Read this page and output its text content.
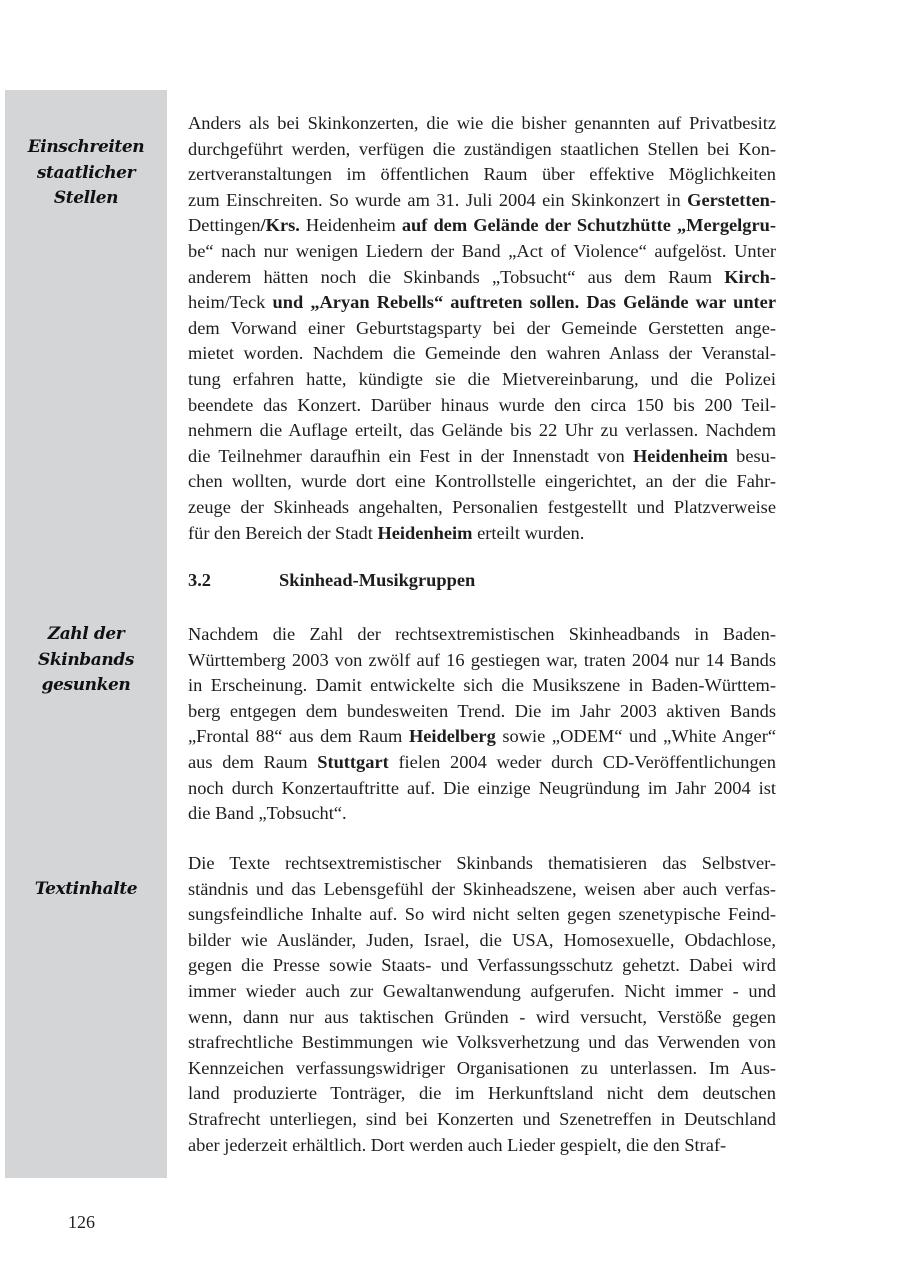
Einschreiten
staatlicher
Stellen
Zahl der
Skinbands
gesunken
Textinhalte
Anders als bei Skinkonzerten, die wie die bisher genannten auf Privatbesitz
durchgeführt werden, verfügen die zuständigen staatlichen Stellen bei Kon-
zertveranstaltungen im öffentlichen Raum über effektive Möglichkeiten
zum Einschreiten. So wurde am 31. Juli 2004 ein Skinkonzert in Gerstetten-
Dettingen/Krs. Heidenheim auf dem Gelände der Schutzhütte „Mergelgru-
be“ nach nur wenigen Liedern der Band „Act of Violence“ aufgelöst. Unter
anderem hätten noch die Skinbands „Tobsucht“ aus dem Raum Kirch-
heim/Teck und „Aryan Rebells“ auftreten sollen. Das Gelände war unter
dem Vorwand einer Geburtstagsparty bei der Gemeinde Gerstetten ange-
mietet worden. Nachdem die Gemeinde den wahren Anlass der Veranstal-
tung erfahren hatte, kündigte sie die Mietvereinbarung, und die Polizei
beendete das Konzert. Darüber hinaus wurde den circa 150 bis 200 Teil-
nehmern die Auflage erteilt, das Gelände bis 22 Uhr zu verlassen. Nachdem
die Teilnehmer daraufhin ein Fest in der Innenstadt von Heidenheim besu-
chen wollten, wurde dort eine Kontrollstelle eingerichtet, an der die Fahr-
zeuge der Skinheads angehalten, Personalien festgestellt und Platzverweise
für den Bereich der Stadt Heidenheim erteilt wurden.
3.2	Skinhead-Musikgruppen
Nachdem die Zahl der rechtsextremistischen Skinheadbands in Baden-
Württemberg 2003 von zwölf auf 16 gestiegen war, traten 2004 nur 14 Bands
in Erscheinung. Damit entwickelte sich die Musikszene in Baden-Württem-
berg entgegen dem bundesweiten Trend. Die im Jahr 2003 aktiven Bands
„Frontal 88“ aus dem Raum Heidelberg sowie „ODEM“ und „White Anger“
aus dem Raum Stuttgart fielen 2004 weder durch CD-Veröffentlichungen
noch durch Konzertauftritte auf. Die einzige Neugründung im Jahr 2004 ist
die Band „Tobsucht“.
Die Texte rechtsextremistischer Skinbands thematisieren das Selbstver-
ständnis und das Lebensgefühl der Skinheadszene, weisen aber auch verfas-
sungsfeindliche Inhalte auf. So wird nicht selten gegen szenetypische Feind-
bilder wie Ausländer, Juden, Israel, die USA, Homosexuelle, Obdachlose,
gegen die Presse sowie Staats- und Verfassungsschutz gehetzt. Dabei wird
immer wieder auch zur Gewaltanwendung aufgerufen. Nicht immer - und
wenn, dann nur aus taktischen Gründen - wird versucht, Verstöße gegen
strafrechtliche Bestimmungen wie Volksverhetzung und das Verwenden von
Kennzeichen verfassungswidriger Organisationen zu unterlassen. Im Aus-
land produzierte Tonträger, die im Herkunftsland nicht dem deutschen
Strafrecht unterliegen, sind bei Konzerten und Szenetreffen in Deutschland
aber jederzeit erhältlich. Dort werden auch Lieder gespielt, die den Straf-
126
